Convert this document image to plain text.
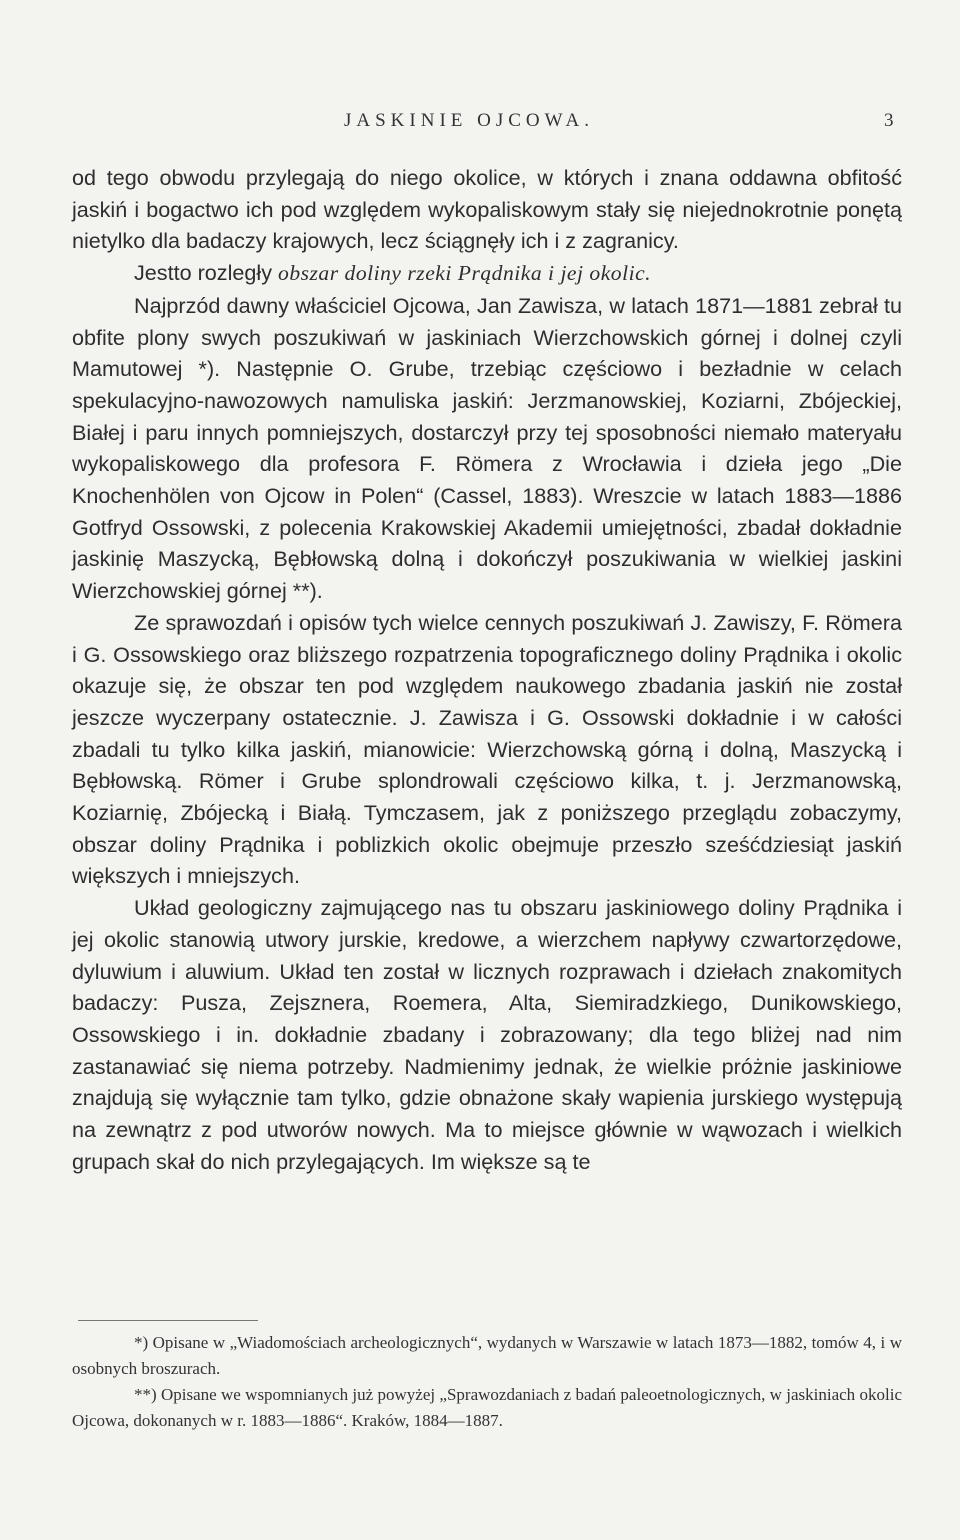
JASKINIE OJCOWA.	3

od tego obwodu przylegają do niego okolice, w których i znana oddawna obfitość jaskiń i bogactwo ich pod względem wykopaliskowym stały się niejednokrotnie ponętą nietylko dla badaczy krajowych, lecz ściągnęły ich i z zagranicy.

Jestto rozległy obszar doliny rzeki Prądnika i jej okolic.

Najprzód dawny właściciel Ojcowa, Jan Zawisza, w latach 1871—1881 zebrał tu obfite plony swych poszukiwań w jaskiniach Wierzchowskich górnej i dolnej czyli Mamutowej *). Następnie O. Grube, trzebiąc częściowo i bezładnie w celach spekulacyjno-nawozowych namuliska jaskiń: Jerzmanowskiej, Koziarni, Zbójeckiej, Białej i paru innych pomniejszych, dostarczył przy tej sposobności niemało materyału wykopaliskowego dla profesora F. Römera z Wrocławia i dzieła jego „Die Knochenhölen von Ojcow in Polen“ (Cassel, 1883). Wreszcie w latach 1883—1886 Gotfryd Ossowski, z polecenia Krakowskiej Akademii umiejętności, zbadał dokładnie jaskinię Maszycką, Bębłowską dolną i dokończył poszukiwania w wielkiej jaskini Wierzchowskiej górnej **).

Ze sprawozdań i opisów tych wielce cennych poszukiwań J. Zawiszy, F. Römera i G. Ossowskiego oraz bliższego rozpatrzenia topograficznego doliny Prądnika i okolic okazuje się, że obszar ten pod względem naukowego zbadania jaskiń nie został jeszcze wyczerpany ostatecznie. J. Zawisza i G. Ossowski dokładnie i w całości zbadali tu tylko kilka jaskiń, mianowicie: Wierzchowską górną i dolną, Maszycką i Bębłowską. Römer i Grube splondrowali częściowo kilka, t. j. Jerzmanowską, Koziarnię, Zbójecką i Białą. Tymczasem, jak z poniższego przeglądu zobaczymy, obszar doliny Prądnika i poblizkich okolic obejmuje przeszło sześćdziesiąt jaskiń większych i mniejszych.

Układ geologiczny zajmującego nas tu obszaru jaskiniowego doliny Prądnika i jej okolic stanowią utwory jurskie, kredowe, a wierzchem napływy czwartorzędowe, dyluwium i aluwium. Układ ten został w licznych rozprawach i dziełach znakomitych badaczy: Pusza, Zejsznera, Roemera, Alta, Siemiradzkiego, Dunikowskiego, Ossowskiego i in. dokładnie zbadany i zobrazowany; dla tego bliżej nad nim zastanawiać się niema potrzeby. Nadmienimy jednak, że wielkie próżnie jaskiniowe znajdują się wyłącznie tam tylko, gdzie obnażone skały wapienia jurskiego występują na zewnątrz z pod utworów nowych. Ma to miejsce głównie w wąwozach i wielkich grupach skał do nich przylegających. Im większe są te

*) Opisane w „Wiadomościach archeologicznych“, wydanych w Warszawie w latach 1873—1882, tomów 4, i w osobnych broszurach.

**) Opisane we wspomnianych już powyżej „Sprawozdaniach z badań paleoetnologicznych, w jaskiniach okolic Ojcowa, dokonanych w r. 1883—1886“. Kraków, 1884—1887.
